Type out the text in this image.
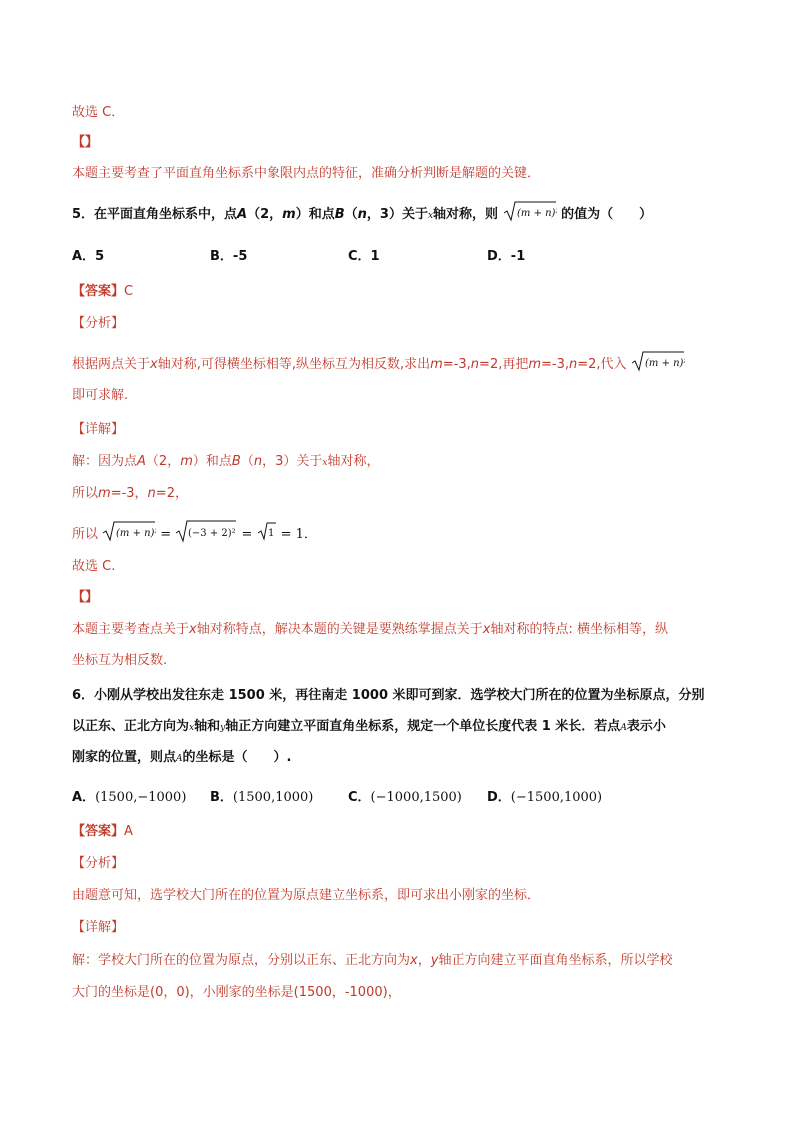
故选 C．
【】
本题主要考查了平面直角坐标系中象限内点的特征，准确分析判断是解题的关键．
5．在平面直角坐标系中，点A（2，m）和点B（n，3）关于x轴对称，则 (m + n)² 的值为（　　）
A．5	B．-5	C．1	D．-1
【答案】C
【分析】
根据两点关于x轴对称,可得横坐标相等,纵坐标互为相反数,求出m=-3,n=2,再把m=-3,n=2,代入 (m + n)²
即可求解.
【详解】
解：因为点A（2，m）和点B（n，3）关于x轴对称，
所以m=-3，n=2，
所以 (m + n)²
= (−3 + 2)² = 1 = 1．
故选 C.
【】
本题主要考查点关于x轴对称特点，解决本题的关键是要熟练掌握点关于x轴对称的特点: 横坐标相等，纵
坐标互为相反数.
6．小刚从学校出发往东走 1500 米，再往南走 1000 米即可到家．选学校大门所在的位置为坐标原点，分别
以正东、正北方向为x轴和y轴正方向建立平面直角坐标系，规定一个单位长度代表 1 米长．若点A表示小
刚家的位置，则点A的坐标是（　　）.
A．(1500,−1000) B．(1500,1000)	C．(−1000,1500) D．(−1500,1000)
【答案】A
【分析】
由题意可知，选学校大门所在的位置为原点建立坐标系，即可求出小刚家的坐标．
【详解】
解：学校大门所在的位置为原点，分别以正东、正北方向为x，y轴正方向建立平面直角坐标系，所以学校
大门的坐标是(0，0)，小刚家的坐标是(1500，-1000)，
